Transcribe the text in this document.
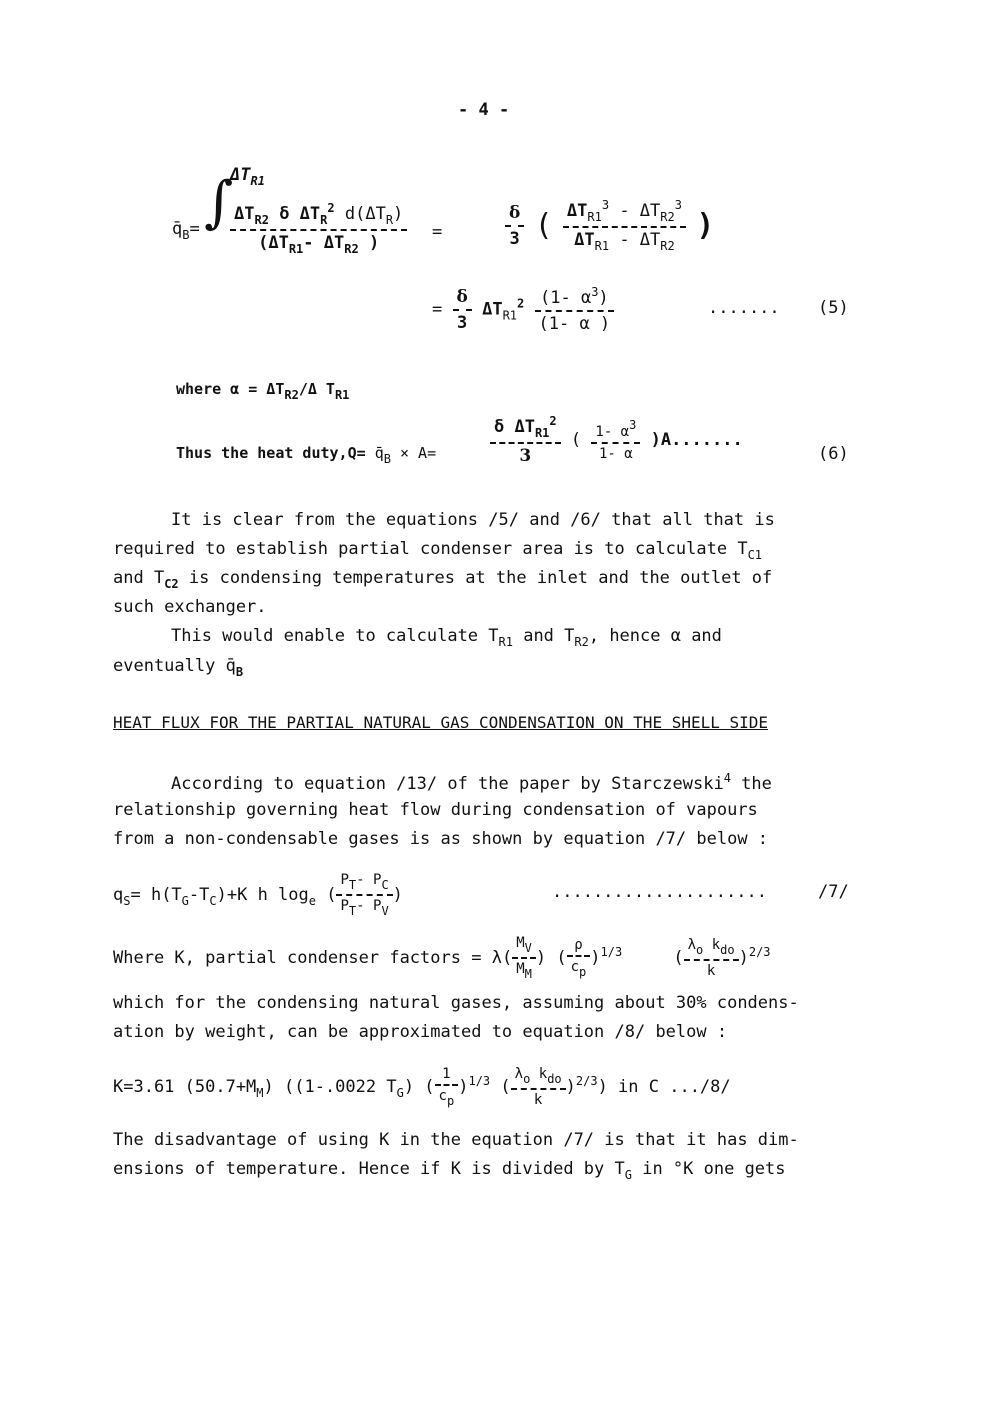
- 4 -
$\Delta T_{R1}$
$q̄_B=$ ∫ $\Delta T_{R2}$ δ $\Delta T_R^2$ $d(\Delta T_R)$
($\Delta T_{R1}-$ $\Delta T_{R2}$ )
=	$\frac{\delta}{3}$ ( $\frac{\Delta T_{R1}^3 - \Delta T_{R2}^3}{\Delta T_{R1} - \Delta T_{R2}}$ )
= $\frac{\delta}{3} \Delta T_{R1}^2 \frac{(1- \alpha^3)}{(1- \alpha )}$	....... (5)
where $\alpha = \Delta T_{R2}/\Delta$ $T_{R1}$
Thus the heat duty,Q= $q̄_B \times A=$	$\frac{\delta \Delta T_{R1}^2}{3}$ ( $\frac{1- \alpha 3}{1- \alpha} )A$.......
(6)
It is clear from the equations /5/ and /6/ that all that is
required to establish partial condenser area is to calculate $T_{C1}$
and $T_{C2}$ is condensing temperatures at the inlet and the outlet of
such exchanger.
This would enable to calculate $T_{R1}$ and $T_{R2}$, hence α and
eventually $q̄_B$
HEAT FLUX FOR THE PARTIAL NATURAL GAS CONDENSATION ON THE SHELL SIDE
According to equation /13/ of the paper by Starczewski$^4$ the
relationship governing heat flow during condensation of vapours
from a non-condensable gases is as shown by equation /7/ below :
$q_S= h(T_G-T_C)+K$ h $\log_e$ ( $\frac{PT- PC}{PT- PV}$ )	.....................	/7/
Where K, partial condenser factors = $\lambda( \frac{MV}{MM}$ ) ( $\frac{\rho}{cp} )^{1/3}$     ( $\frac{\text{λo kdo}}{k} )^{2/3}$
which for the condensing natural gases, assuming about 30% condens-
ation by weight, can be approximated to equation /8/ below :
K=3.61 $(50.7+M_M)$ ((1-.0022 $T_G$) ( $\frac{1}{cp} )^{1/3}$ ( $\frac{\text{λo kdo}}{k} )^{2/3}$) in C .../8/
The disadvantage of using K in the equation /7/ is that it has dim-
ensions of temperature. Hence if K is divided by $T_G$ in °K one gets
